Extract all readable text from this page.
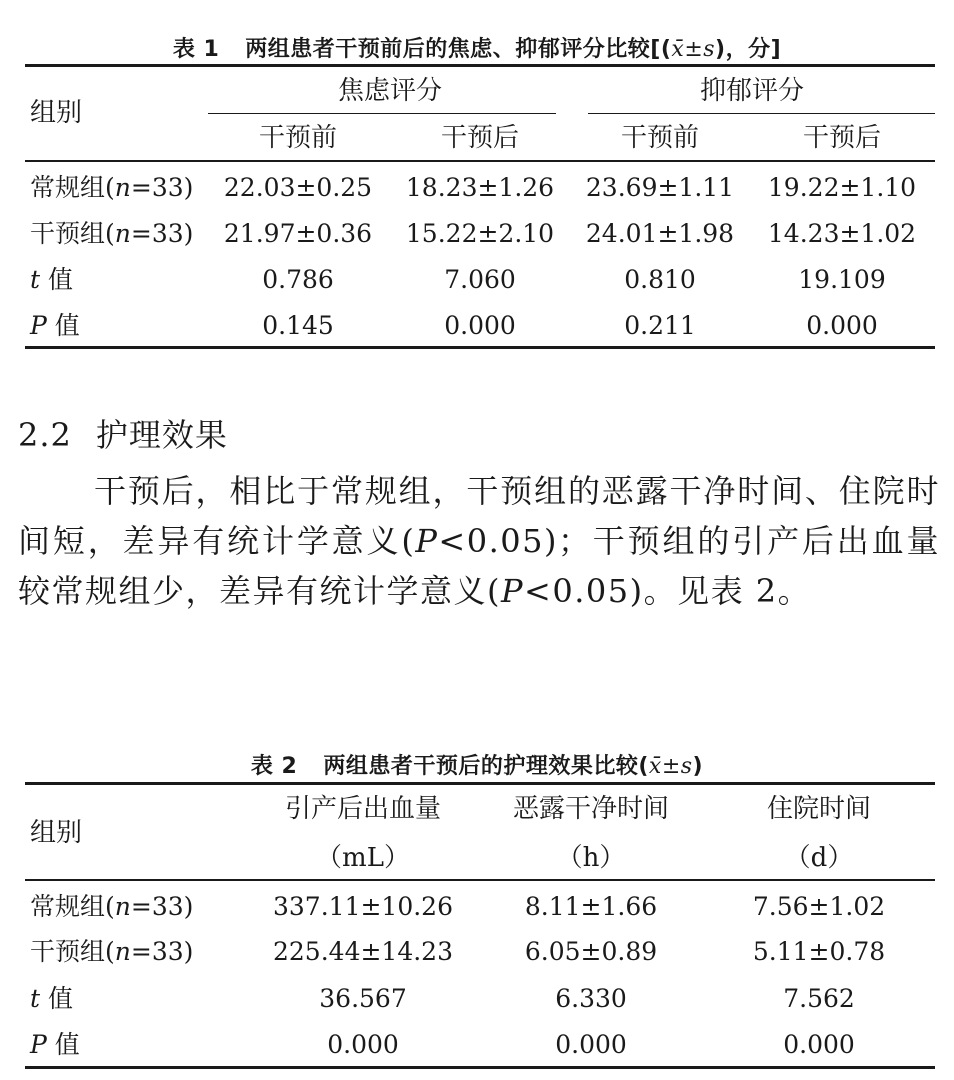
表 1 两组患者干预前后的焦虑、抑郁评分比较[(x̄±s)，分]
组别
焦虑评分	抑郁评分
干预前	干预后	干预前	干预后
常规组(n=33) 22.03±0.25 18.23±1.26 23.69±1.11 19.22±1.10
干预组(n=33) 21.97±0.36 15.22±2.10 24.01±1.98 14.23±1.02
t 值	0.786	7.060	0.810	19.109
P 值	0.145	0.000	0.211	0.000
2.2 护理效果
干预后，相比于常规组，干预组的恶露干净时间、住院时间短，差异有统计学意义(P<0.05)；干预组的引产后出血量较常规组少，差异有统计学意义(P<0.05)。见表 2。
表 2 两组患者干预后的护理效果比较(x̄±s)
组别
引产后出血量	恶露干净时间	住院时间
（mL）	（h）	（d）
常规组(n=33)	337.11±10.26	8.11±1.66	7.56±1.02
干预组(n=33)	225.44±14.23	6.05±0.89	5.11±0.78
t 值	36.567	6.330	7.562
P 值	0.000	0.000	0.000
